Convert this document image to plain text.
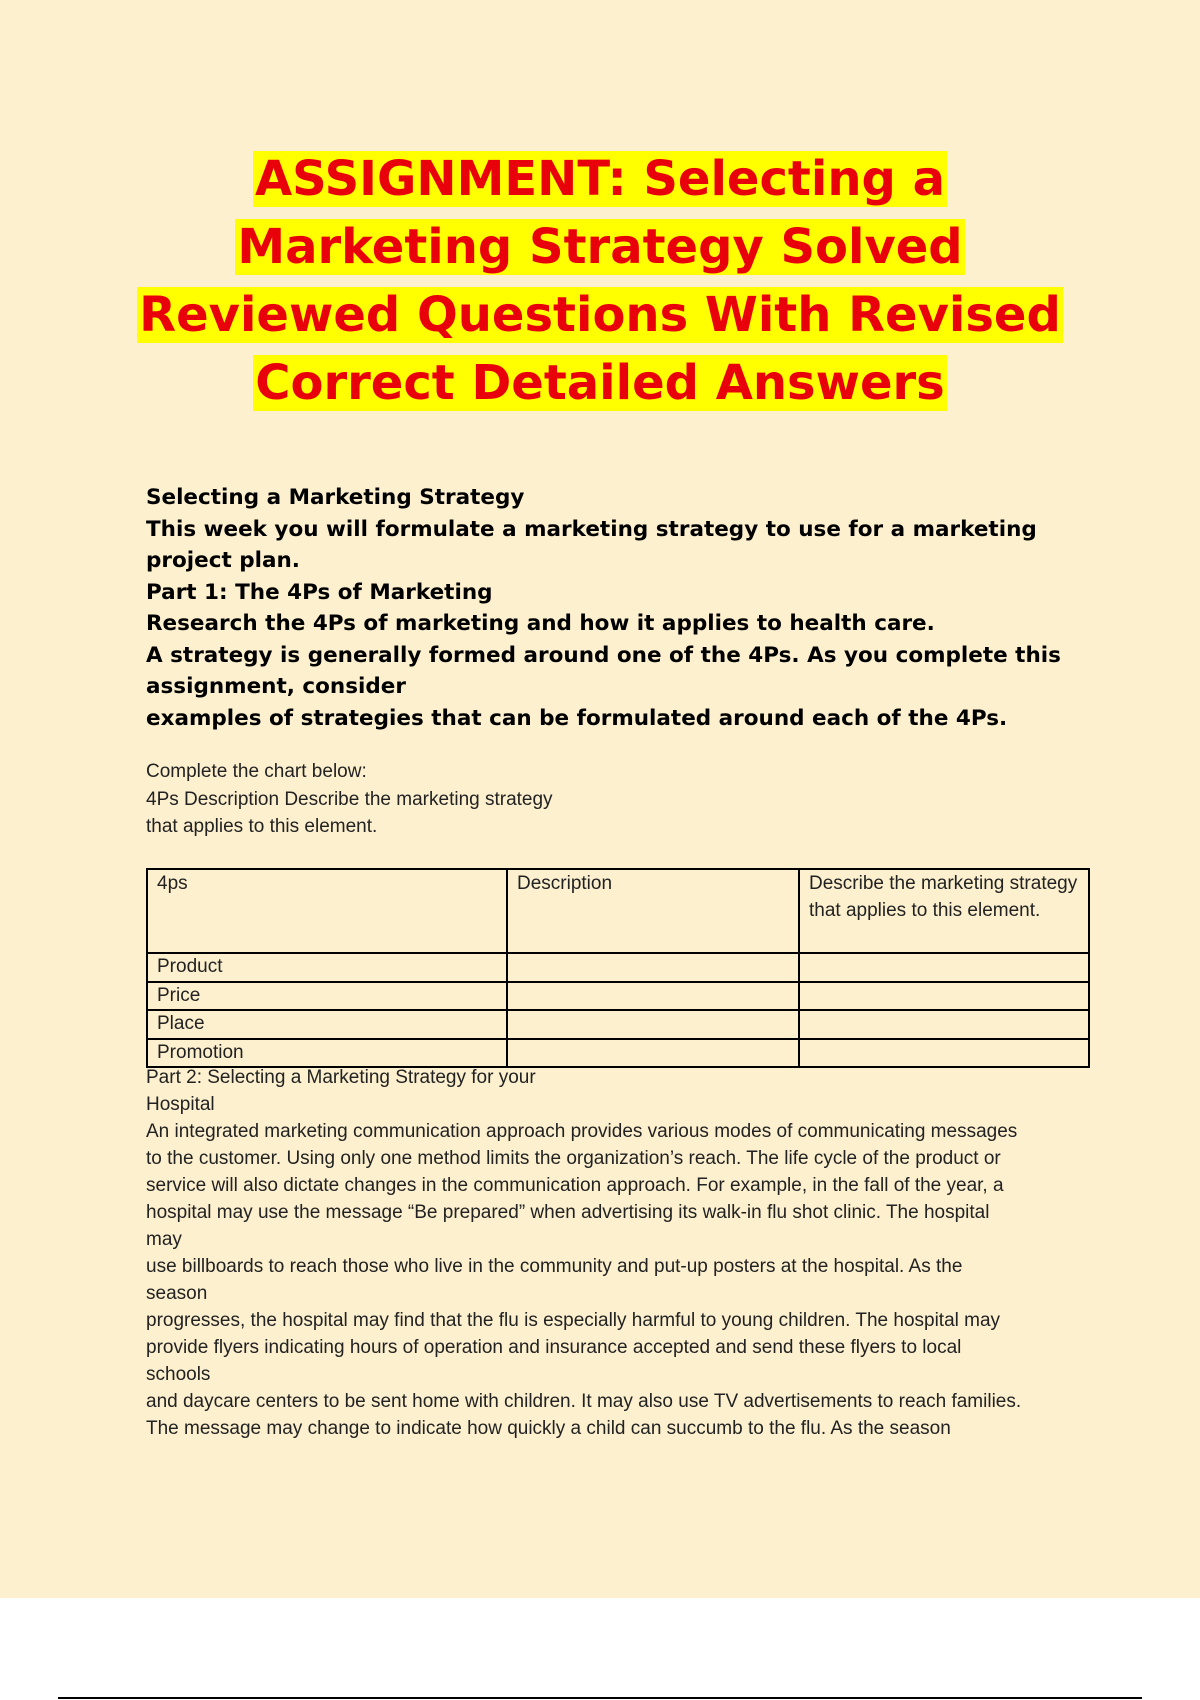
ASSIGNMENT: Selecting a
Marketing Strategy Solved
Reviewed Questions With Revised
Correct Detailed Answers

Selecting a Marketing Strategy

This week you will formulate a marketing strategy to use for a marketing project plan.

Part 1: The 4Ps of Marketing

Research the 4Ps of marketing and how it applies to health care.

A strategy is generally formed around one of the 4Ps. As you complete this assignment, consider

examples of strategies that can be formulated around each of the 4Ps.

Complete the chart below:

4Ps Description Describe the marketing strategy

that applies to this element.

4ps	Description	Describe the marketing strategy that applies to this element.
Product		
Price		
Place		
Promotion		

Part 2: Selecting a Marketing Strategy for your

Hospital

An integrated marketing communication approach provides various modes of communicating messages

to the customer. Using only one method limits the organization’s reach. The life cycle of the product or

service will also dictate changes in the communication approach. For example, in the fall of the year, a

hospital may use the message “Be prepared” when advertising its walk-in flu shot clinic. The hospital

may

use billboards to reach those who live in the community and put-up posters at the hospital. As the

season

progresses, the hospital may find that the flu is especially harmful to young children. The hospital may

provide flyers indicating hours of operation and insurance accepted and send these flyers to local

schools

and daycare centers to be sent home with children. It may also use TV advertisements to reach families.

The message may change to indicate how quickly a child can succumb to the flu. As the season
